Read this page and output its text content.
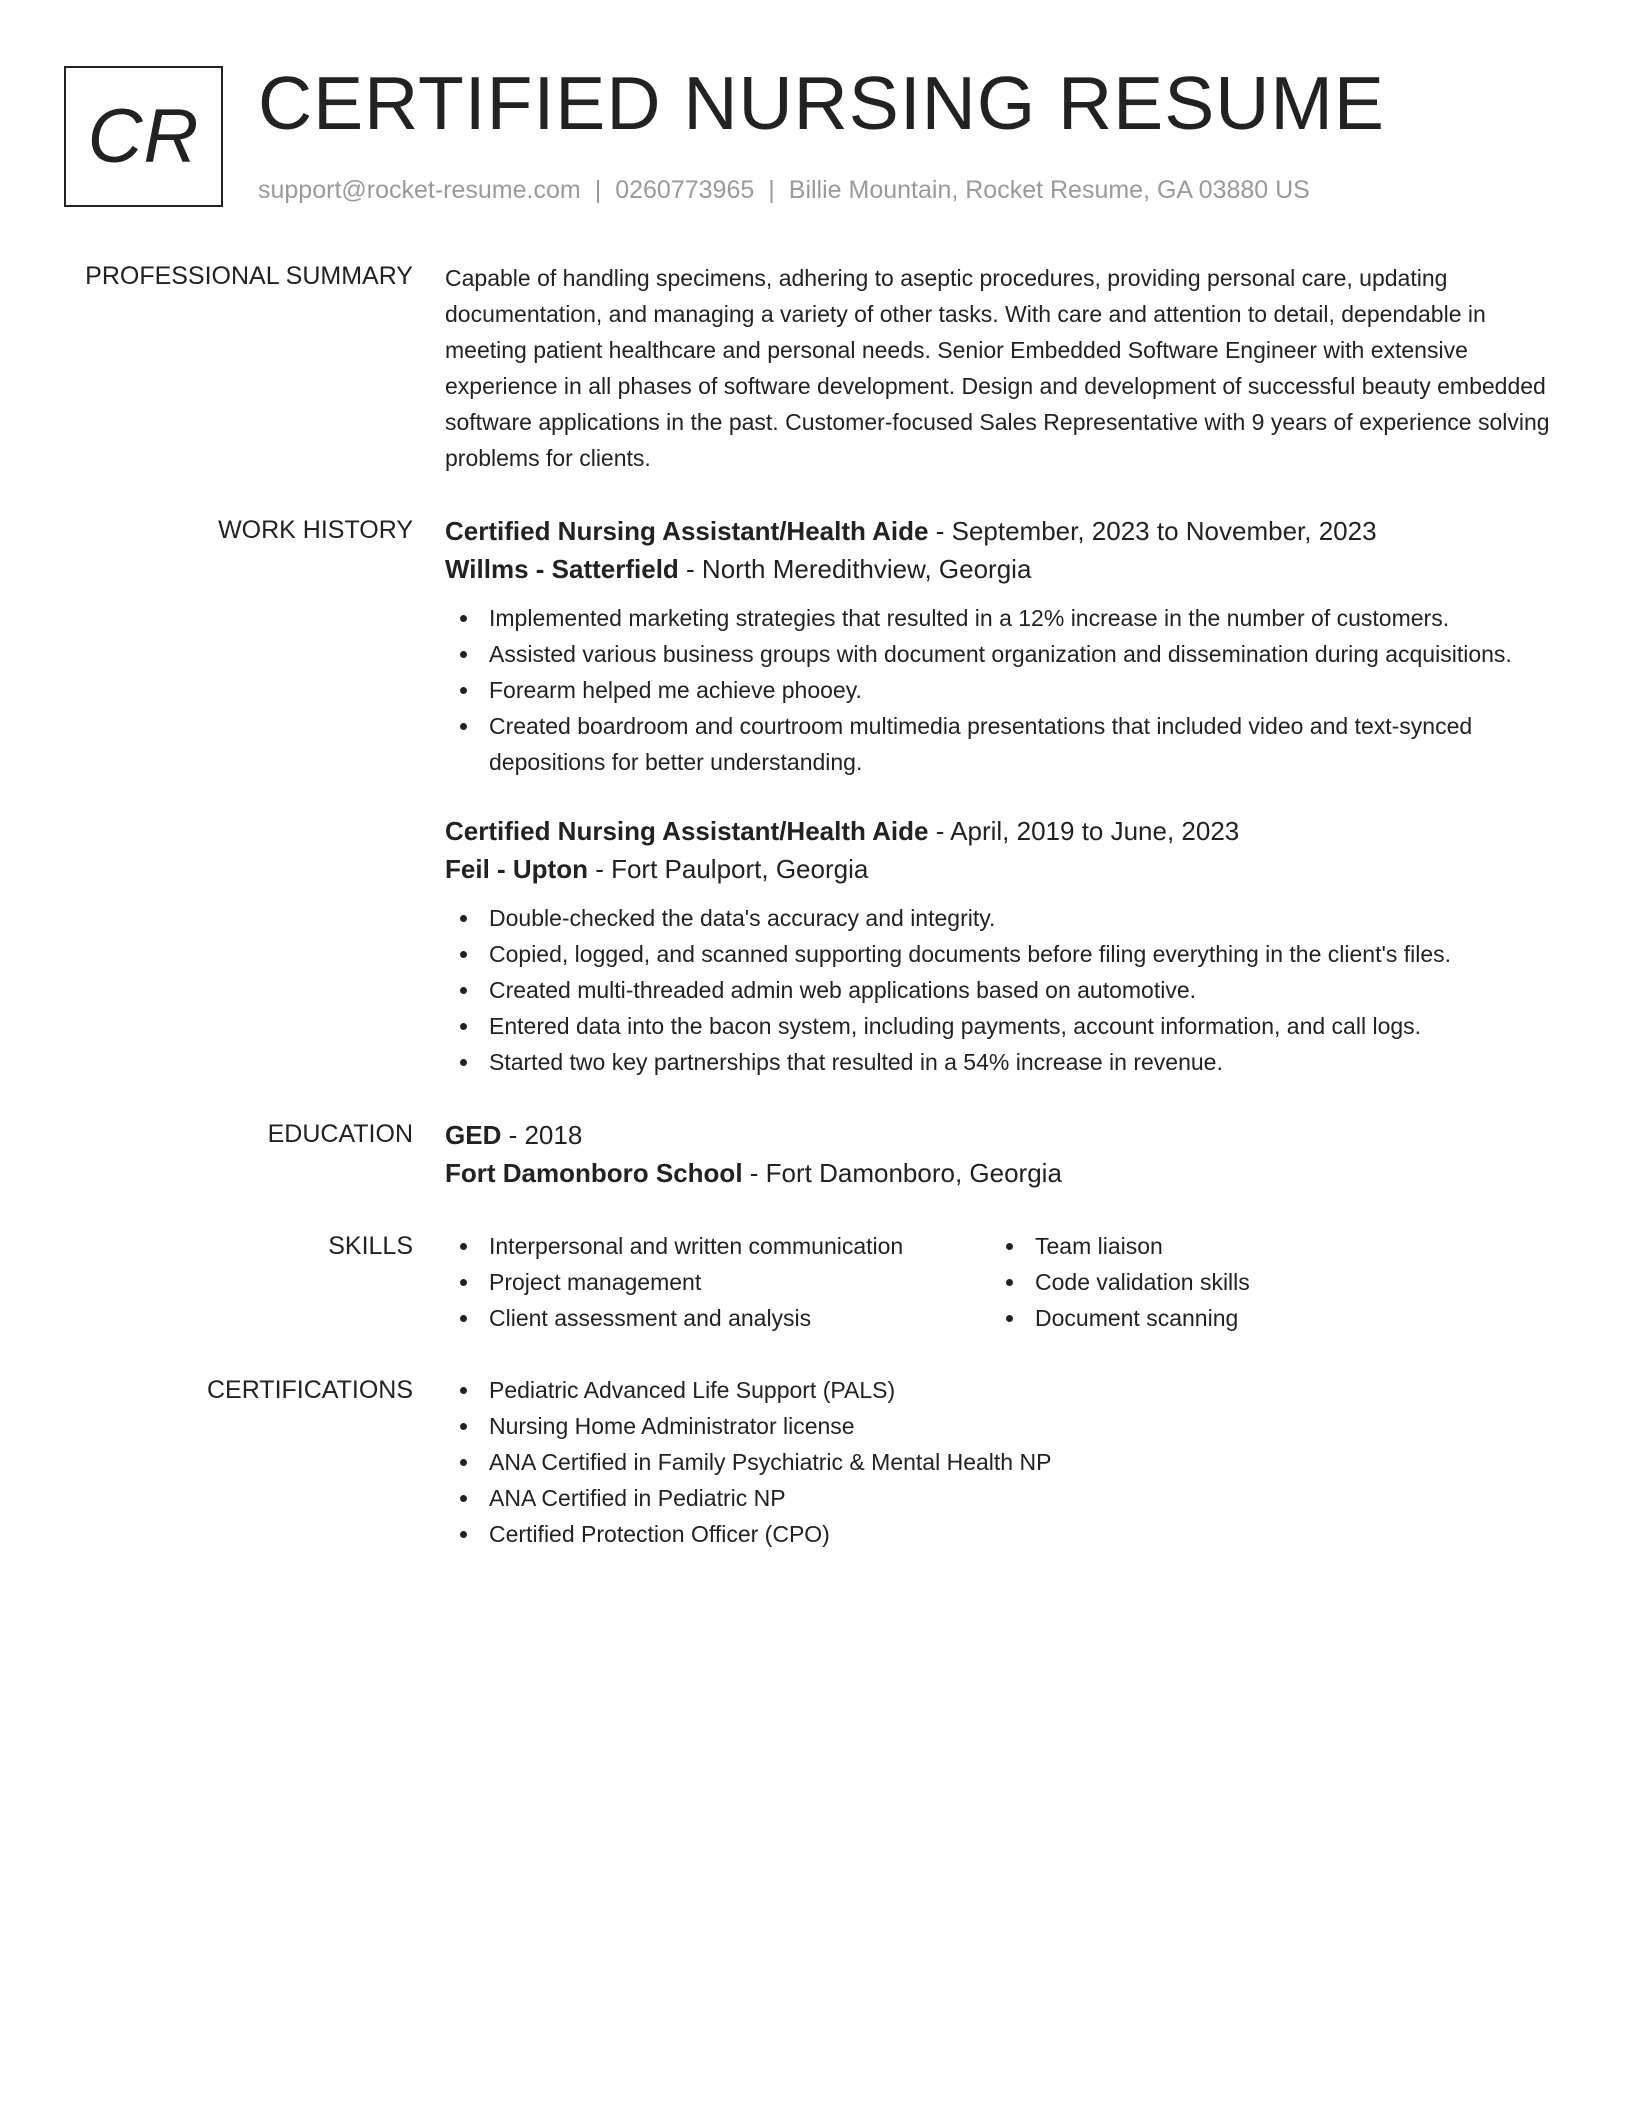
CR CERTIFIED NURSING RESUME
support@rocket-resume.com | 0260773965 | Billie Mountain, Rocket Resume, GA 03880 US
PROFESSIONAL SUMMARY Capable of handling specimens, adhering to aseptic procedures, providing personal care, updating documentation, and managing a variety of other tasks. With care and attention to detail, dependable in meeting patient healthcare and personal needs. Senior Embedded Software Engineer with extensive experience in all phases of software development. Design and development of successful beauty embedded software applications in the past. Customer-focused Sales Representative with 9 years of experience solving problems for clients.

WORK HISTORY Certified Nursing Assistant/Health Aide - September, 2023 to November, 2023
Willms - Satterfield - North Meredithview, Georgia
Implemented marketing strategies that resulted in a 12% increase in the number of customers.
Assisted various business groups with document organization and dissemination during acquisitions.
Forearm helped me achieve phooey.
Created boardroom and courtroom multimedia presentations that included video and text-synced depositions for better understanding.
Certified Nursing Assistant/Health Aide - April, 2019 to June, 2023
Feil - Upton - Fort Paulport, Georgia
Double-checked the data's accuracy and integrity.
Copied, logged, and scanned supporting documents before filing everything in the client's files.
Created multi-threaded admin web applications based on automotive.
Entered data into the bacon system, including payments, account information, and call logs.
Started two key partnerships that resulted in a 54% increase in revenue.
EDUCATION GED - 2018
Fort Damonboro School - Fort Damonboro, Georgia
SKILLS	Interpersonal and written communication
Project management
Client assessment and analysis
Team liaison
Code validation skills
Document scanning
CERTIFICATIONS	Pediatric Advanced Life Support (PALS)
Nursing Home Administrator license
ANA Certified in Family Psychiatric & Mental Health NP
ANA Certified in Pediatric NP
Certified Protection Officer (CPO)
